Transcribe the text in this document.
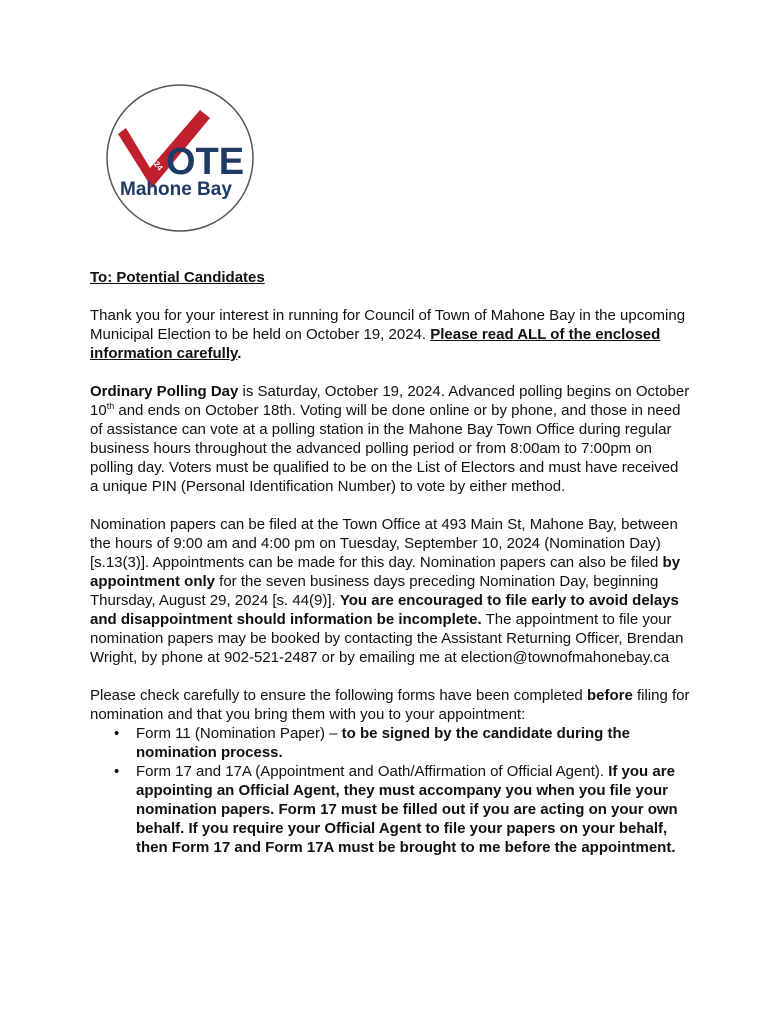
2024 OTE
Mahone Bay

To: Potential Candidates

Thank you for your interest in running for Council of Town of Mahone Bay in the upcoming Municipal Election to be held on October 19, 2024. Please read ALL of the enclosed information carefully.

Ordinary Polling Day is Saturday, October 19, 2024. Advanced polling begins on October 10th and ends on October 18th. Voting will be done online or by phone, and those in need of assistance can vote at a polling station in the Mahone Bay Town Office during regular business hours throughout the advanced polling period or from 8:00am to 7:00pm on polling day. Voters must be qualified to be on the List of Electors and must have received a unique PIN (Personal Identification Number) to vote by either method.

Nomination papers can be filed at the Town Office at 493 Main St, Mahone Bay, between the hours of 9:00 am and 4:00 pm on Tuesday, September 10, 2024 (Nomination Day) [s.13(3)]. Appointments can be made for this day. Nomination papers can also be filed by appointment only for the seven business days preceding Nomination Day, beginning Thursday, August 29, 2024 [s. 44(9)]. You are encouraged to file early to avoid delays and disappointment should information be incomplete. The appointment to file your nomination papers may be booked by contacting the Assistant Returning Officer, Brendan Wright, by phone at 902-521-2487 or by emailing me at election@townofmahonebay.ca

Please check carefully to ensure the following forms have been completed before filing for nomination and that you bring them with you to your appointment:

• Form 11 (Nomination Paper) – to be signed by the candidate during the nomination process.
• Form 17 and 17A (Appointment and Oath/Affirmation of Official Agent). If you are appointing an Official Agent, they must accompany you when you file your nomination papers. Form 17 must be filled out if you are acting on your own behalf. If you require your Official Agent to file your papers on your behalf, then Form 17 and Form 17A must be brought to me before the appointment.
